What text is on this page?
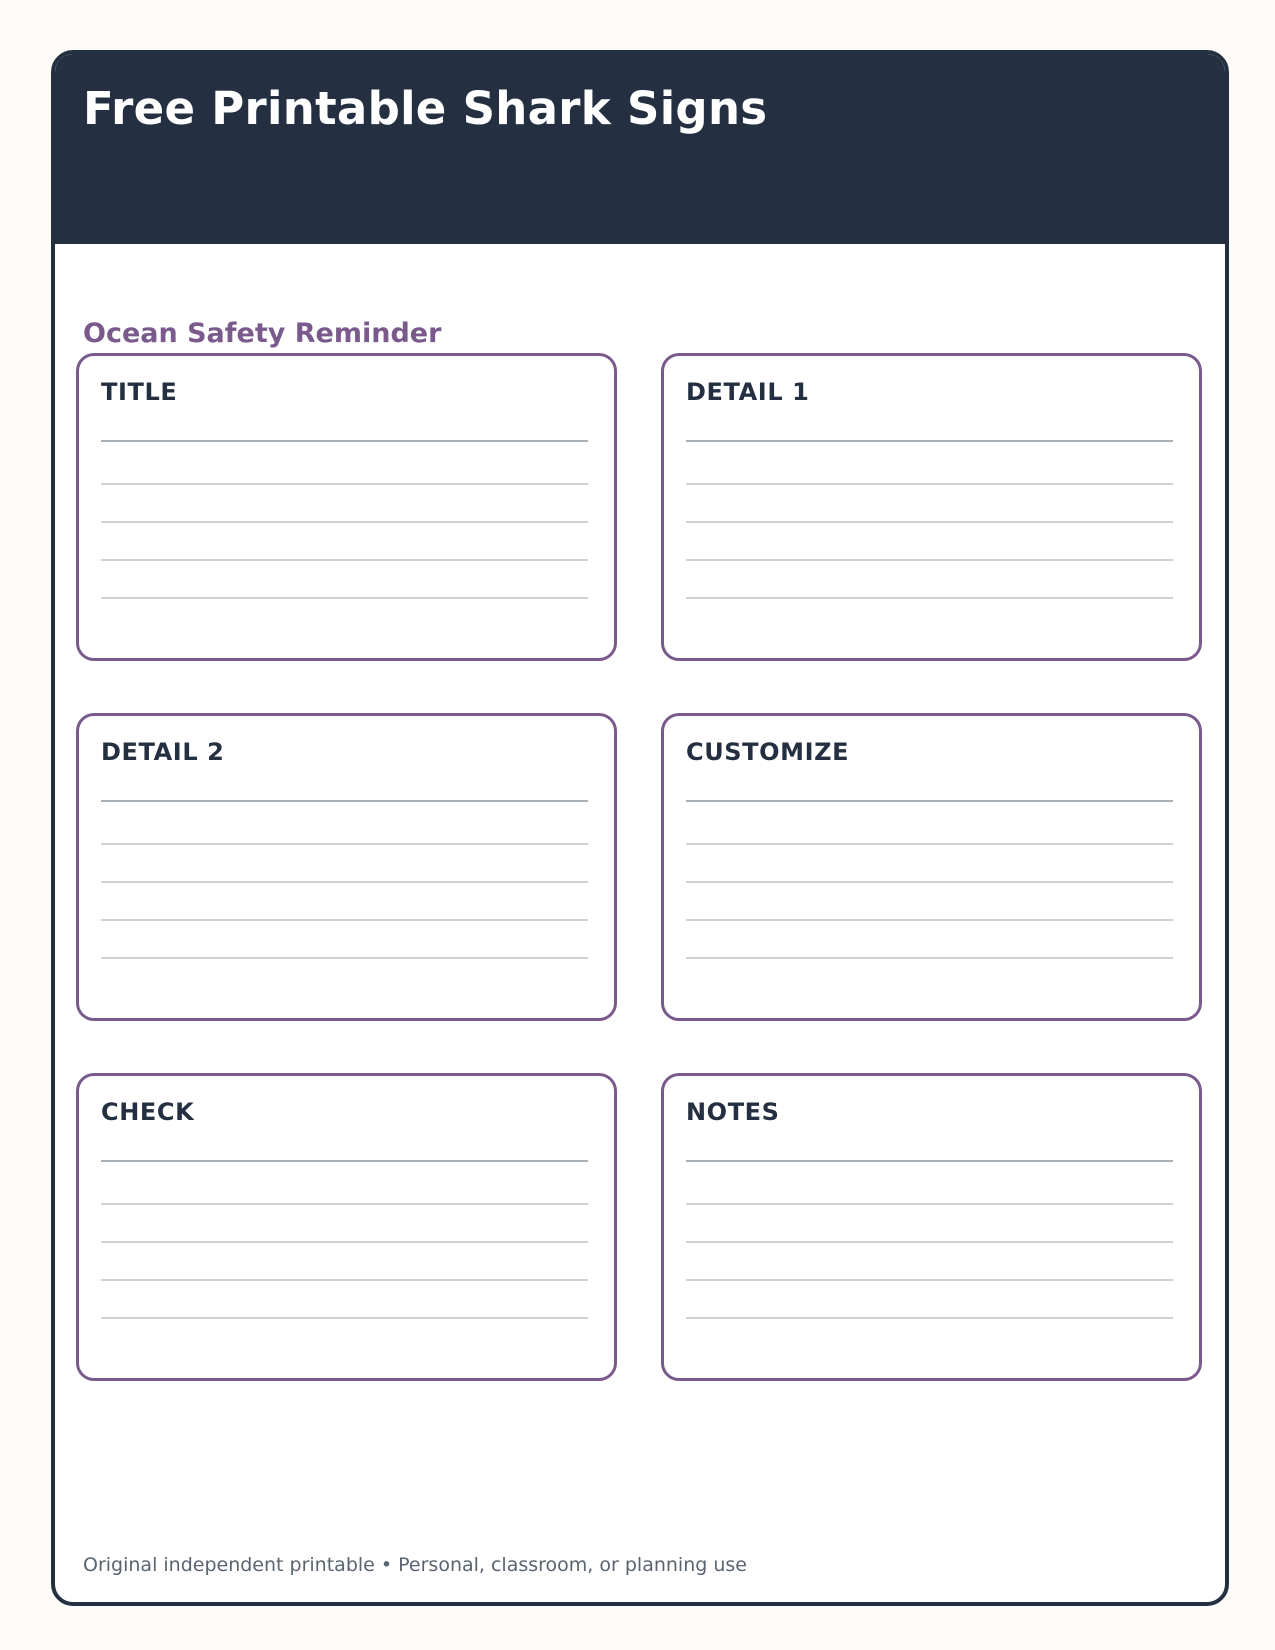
Free Printable Shark Signs
Ocean Safety Reminder
TITLE	DETAIL 1
DETAIL 2	CUSTOMIZE
CHECK	NOTES

Original independent printable • Personal, classroom, or planning use
